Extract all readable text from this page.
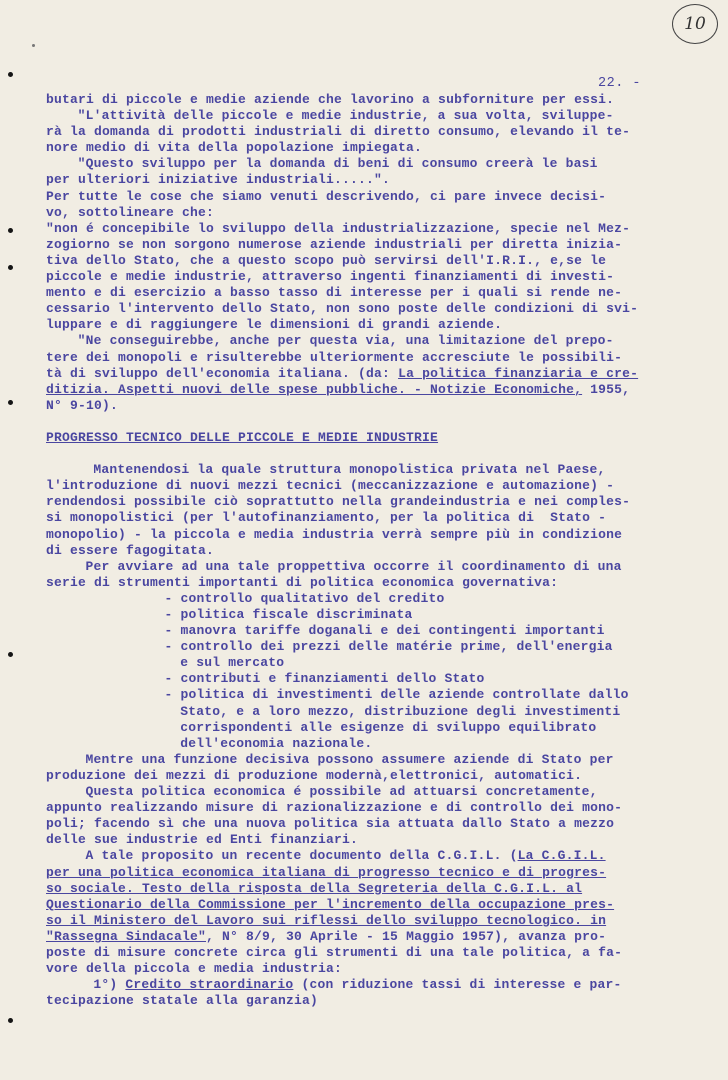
10
22. -
butari di piccole e medie aziende che lavorino a subforniture per essi.
"L'attività delle piccole e medie industrie, a sua volta, sviluppe-
rà la domanda di prodotti industriali di diretto consumo, elevando il te-
nore medio di vita della popolazione impiegata.
"Questo sviluppo per la domanda di beni di consumo creerà le basi
per ulteriori iniziative industriali.....".
Per tutte le cose che siamo venuti descrivendo, ci pare invece decisi-
vo, sottolineare che:
"non é concepibile lo sviluppo della industrializzazione, specie nel Mez-
zogiorno se non sorgono numerose aziende industriali per diretta inizia-
tiva dello Stato, che a questo scopo può servirsi dell'I.R.I., e,se le
piccole e medie industrie, attraverso ingenti finanziamenti di investi-
mento e di esercizio a basso tasso di interesse per i quali si rende ne-
cessario l'intervento dello Stato, non sono poste delle condizioni di svi-
luppare e di raggiungere le dimensioni di grandi aziende.
"Ne conseguirebbe, anche per questa via, una limitazione del prepo-
tere dei monopoli e risulterebbe ulteriormente accresciute le possibili-
tà di sviluppo dell'economia italiana. (da: La politica finanziaria e cre-
ditizia. Aspetti nuovi delle spese pubbliche. - Notizie Economiche, 1955,
N° 9-10).
PROGRESSO TECNICO DELLE PICCOLE E MEDIE INDUSTRIE
Mantenendosi la quale struttura monopolistica privata nel Paese,
l'introduzione di nuovi mezzi tecnici (meccanizzazione e automazione) -
rendendosi possibile ciò soprattutto nella grandeindustria e nei comples-
si monopolistici (per l'autofinanziamento, per la politica di  Stato -
monopolio) - la piccola e media industria verrà sempre più in condizione
di essere fagogitata.
Per avviare ad una tale proppettiva occorre il coordinamento di una
serie di strumenti importanti di politica economica governativa:
- controllo qualitativo del credito
- politica fiscale discriminata
- manovra tariffe doganali e dei contingenti importanti
- controllo dei prezzi delle matérie prime, dell'energia
e sul mercato
- contributi e finanziamenti dello Stato
- politica di investimenti delle aziende controllate dallo
Stato, e a loro mezzo, distribuzione degli investimenti
corrispondenti alle esigenze di sviluppo equilibrato
dell'economia nazionale.
Mentre una funzione decisiva possono assumere aziende di Stato per
produzione dei mezzi di produzione modernà,elettronici, automatici.
Questa politica economica é possibile ad attuarsi concretamente,
appunto realizzando misure di razionalizzazione e di controllo dei mono-
poli; facendo sì che una nuova politica sia attuata dallo Stato a mezzo
delle sue industrie ed Enti finanziari.
A tale proposito un recente documento della C.G.I.L. (La C.G.I.L.
per una politica economica italiana di progresso tecnico e di progres-
so sociale. Testo della risposta della Segreteria della C.G.I.L. al
Questionario della Commissione per l'incremento della occupazione pres-
so il Ministero del Lavoro sui riflessi dello sviluppo tecnologico. in
"Rassegna Sindacale", N° 8/9, 30 Aprile - 15 Maggio 1957), avanza pro-
poste di misure concrete circa gli strumenti di una tale politica, a fa-
vore della piccola e media industria:
1°) Credito straordinario (con riduzione tassi di interesse e par-
tecipazione statale alla garanzia)
